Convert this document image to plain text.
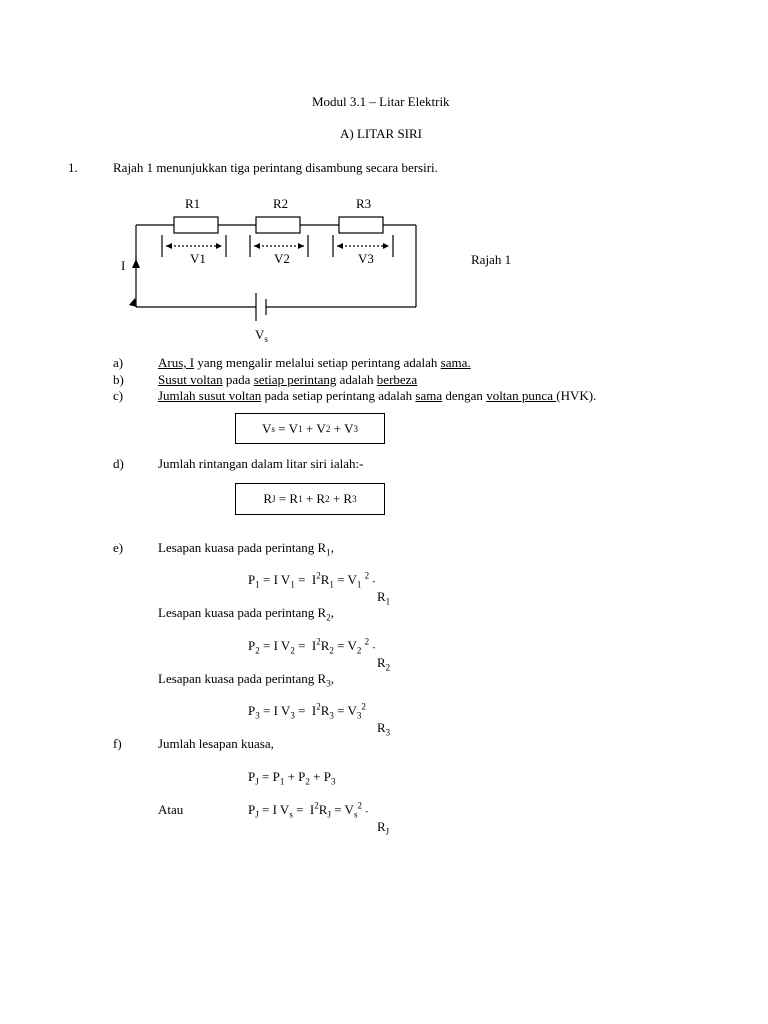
Modul 3.1 – Litar Elektrik
A) LITAR SIRI
1.	Rajah 1 menunjukkan tiga perintang disambung secara bersiri.
R1	R2	R3
V1	V2	V3
I	Rajah 1
$V_s$
a)	Arus, I yang mengalir melalui setiap perintang adalah sama.
b)	Susut voltan pada setiap perintang adalah berbeza
c)	Jumlah susut voltan pada setiap perintang adalah sama dengan voltan punca (HVK).
V s = V 1 + V 2 + V 3
d)	Jumlah rintangan dalam litar siri ialah:-
R J = R 1 + R 2 + R 3
e)	Lesapan kuasa pada perintang $R_1$,
$P_1 = I$ $V_1 = I^2R_1 = V_1$ $^2$ -
$R_1$
Lesapan kuasa pada perintang $R_2$,
$P_2 = I$ $V_2 = I^2R_2 = V_2$ $^2$ -
$R_2$
Lesapan kuasa pada perintang $R_3$,
$P_3 = I$ $V_3 = I^2R_3 = V_3^2$
$R_3$
f)	Jumlah lesapan kuasa,
$P_J = P_1 + P_2 + P_3$
Atau	$P_J = I$ $V_s = I^2R_J = V_s^2$ -
$R_J$
